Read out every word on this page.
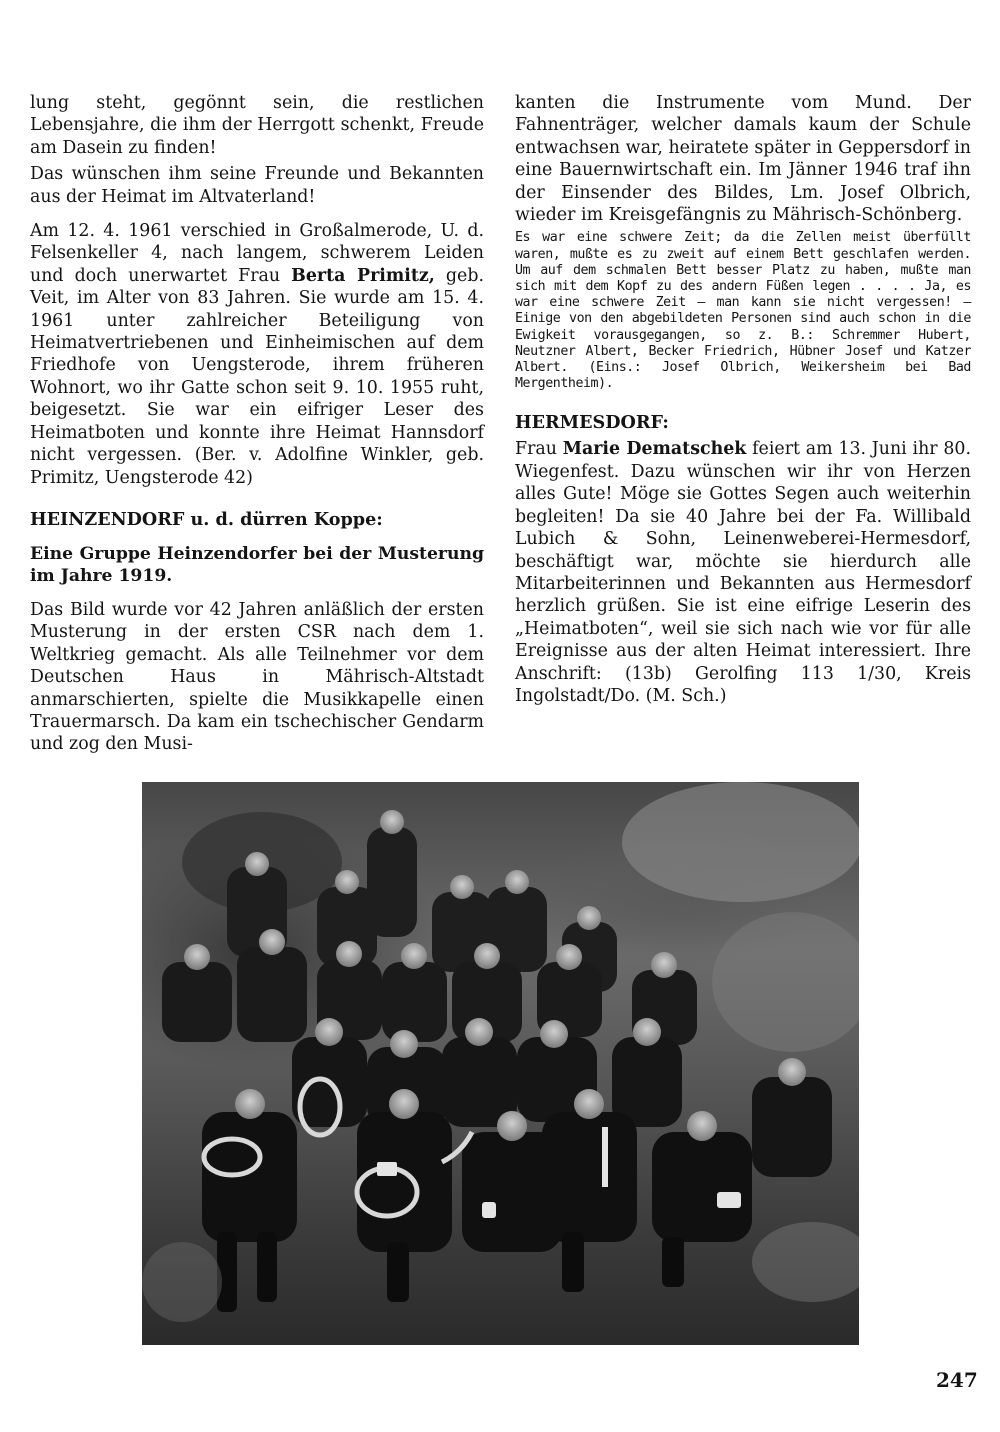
lung steht, gegönnt sein, die restlichen Lebensjahre, die ihm der Herrgott schenkt, Freude am Dasein zu finden!

Das wünschen ihm seine Freunde und Bekannten aus der Heimat im Altvaterland!

Am 12. 4. 1961 verschied in Großalmerode, U. d. Felsenkeller 4, nach langem, schwerem Leiden und doch unerwartet Frau Berta Primitz, geb. Veit, im Alter von 83 Jahren. Sie wurde am 15. 4. 1961 unter zahlreicher Beteiligung von Heimatvertriebenen und Einheimischen auf dem Friedhofe von Uengsterode, ihrem früheren Wohnort, wo ihr Gatte schon seit 9. 10. 1955 ruht, beigesetzt. Sie war ein eifriger Leser des Heimatboten und konnte ihre Heimat Hannsdorf nicht vergessen. (Ber. v. Adolfine Winkler, geb. Primitz, Uengsterode 42)

HEINZENDORF u. d. dürren Koppe:

Eine Gruppe Heinzendorfer bei der Musterung im Jahre 1919.

Das Bild wurde vor 42 Jahren anläßlich der ersten Musterung in der ersten CSR nach dem 1. Weltkrieg gemacht. Als alle Teilnehmer vor dem Deutschen Haus in Mährisch-Altstadt anmarschierten, spielte die Musikkapelle einen Trauermarsch. Da kam ein tschechischer Gendarm und zog den Musi-

kanten die Instrumente vom Mund. Der Fahnenträger, welcher damals kaum der Schule entwachsen war, heiratete später in Geppersdorf in eine Bauernwirtschaft ein. Im Jänner 1946 traf ihn der Einsender des Bildes, Lm. Josef Olbrich, wieder im Kreisgefängnis zu Mährisch-Schönberg.

Es war eine schwere Zeit; da die Zellen meist überfüllt waren, mußte es zu zweit auf einem Bett geschlafen werden. Um auf dem schmalen Bett besser Platz zu haben, mußte man sich mit dem Kopf zu des andern Füßen legen . . . . Ja, es war eine schwere Zeit — man kann sie nicht vergessen! — Einige von den abgebildeten Personen sind auch schon in die Ewigkeit vorausgegangen, so z. B.: Schremmer Hubert, Neutzner Albert, Becker Friedrich, Hübner Josef und Katzer Albert. (Eins.: Josef Olbrich, Weikersheim bei Bad Mergentheim).

HERMESDORF:

Frau Marie Dematschek feiert am 13. Juni ihr 80. Wiegenfest. Dazu wünschen wir ihr von Herzen alles Gute! Möge sie Gottes Segen auch weiterhin begleiten! Da sie 40 Jahre bei der Fa. Willibald Lubich & Sohn, Leinenweberei-Hermesdorf, beschäftigt war, möchte sie hierdurch alle Mitarbeiterinnen und Bekannten aus Hermesdorf herzlich grüßen. Sie ist eine eifrige Leserin des „Heimatboten“, weil sie sich nach wie vor für alle Ereignisse aus der alten Heimat interessiert. Ihre Anschrift: (13b) Gerolfing 113 1/30, Kreis Ingolstadt/Do. (M. Sch.)

247
